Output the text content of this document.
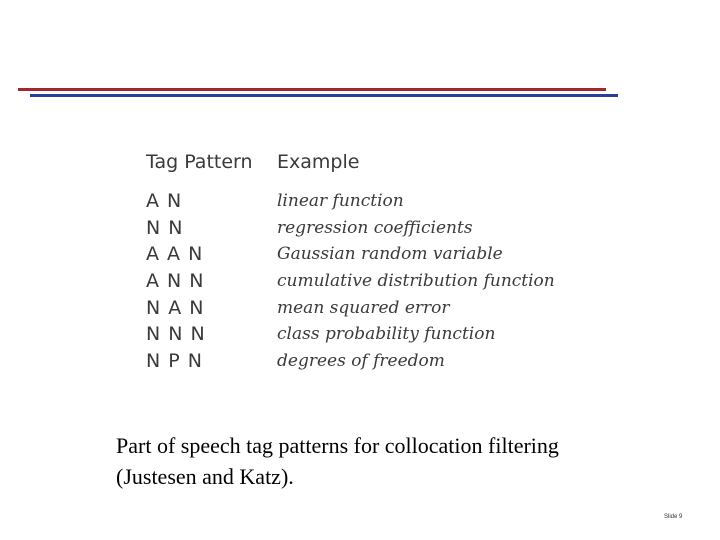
Tag Pattern	Example
A N	linear function
N N	regression coefficients
A A N	Gaussian random variable
A N N	cumulative distribution function
N A N	mean squared error
N N N	class probability function
N P N	degrees of freedom

Part of speech tag patterns for collocation filtering
(Justesen and Katz).

Slide 9
